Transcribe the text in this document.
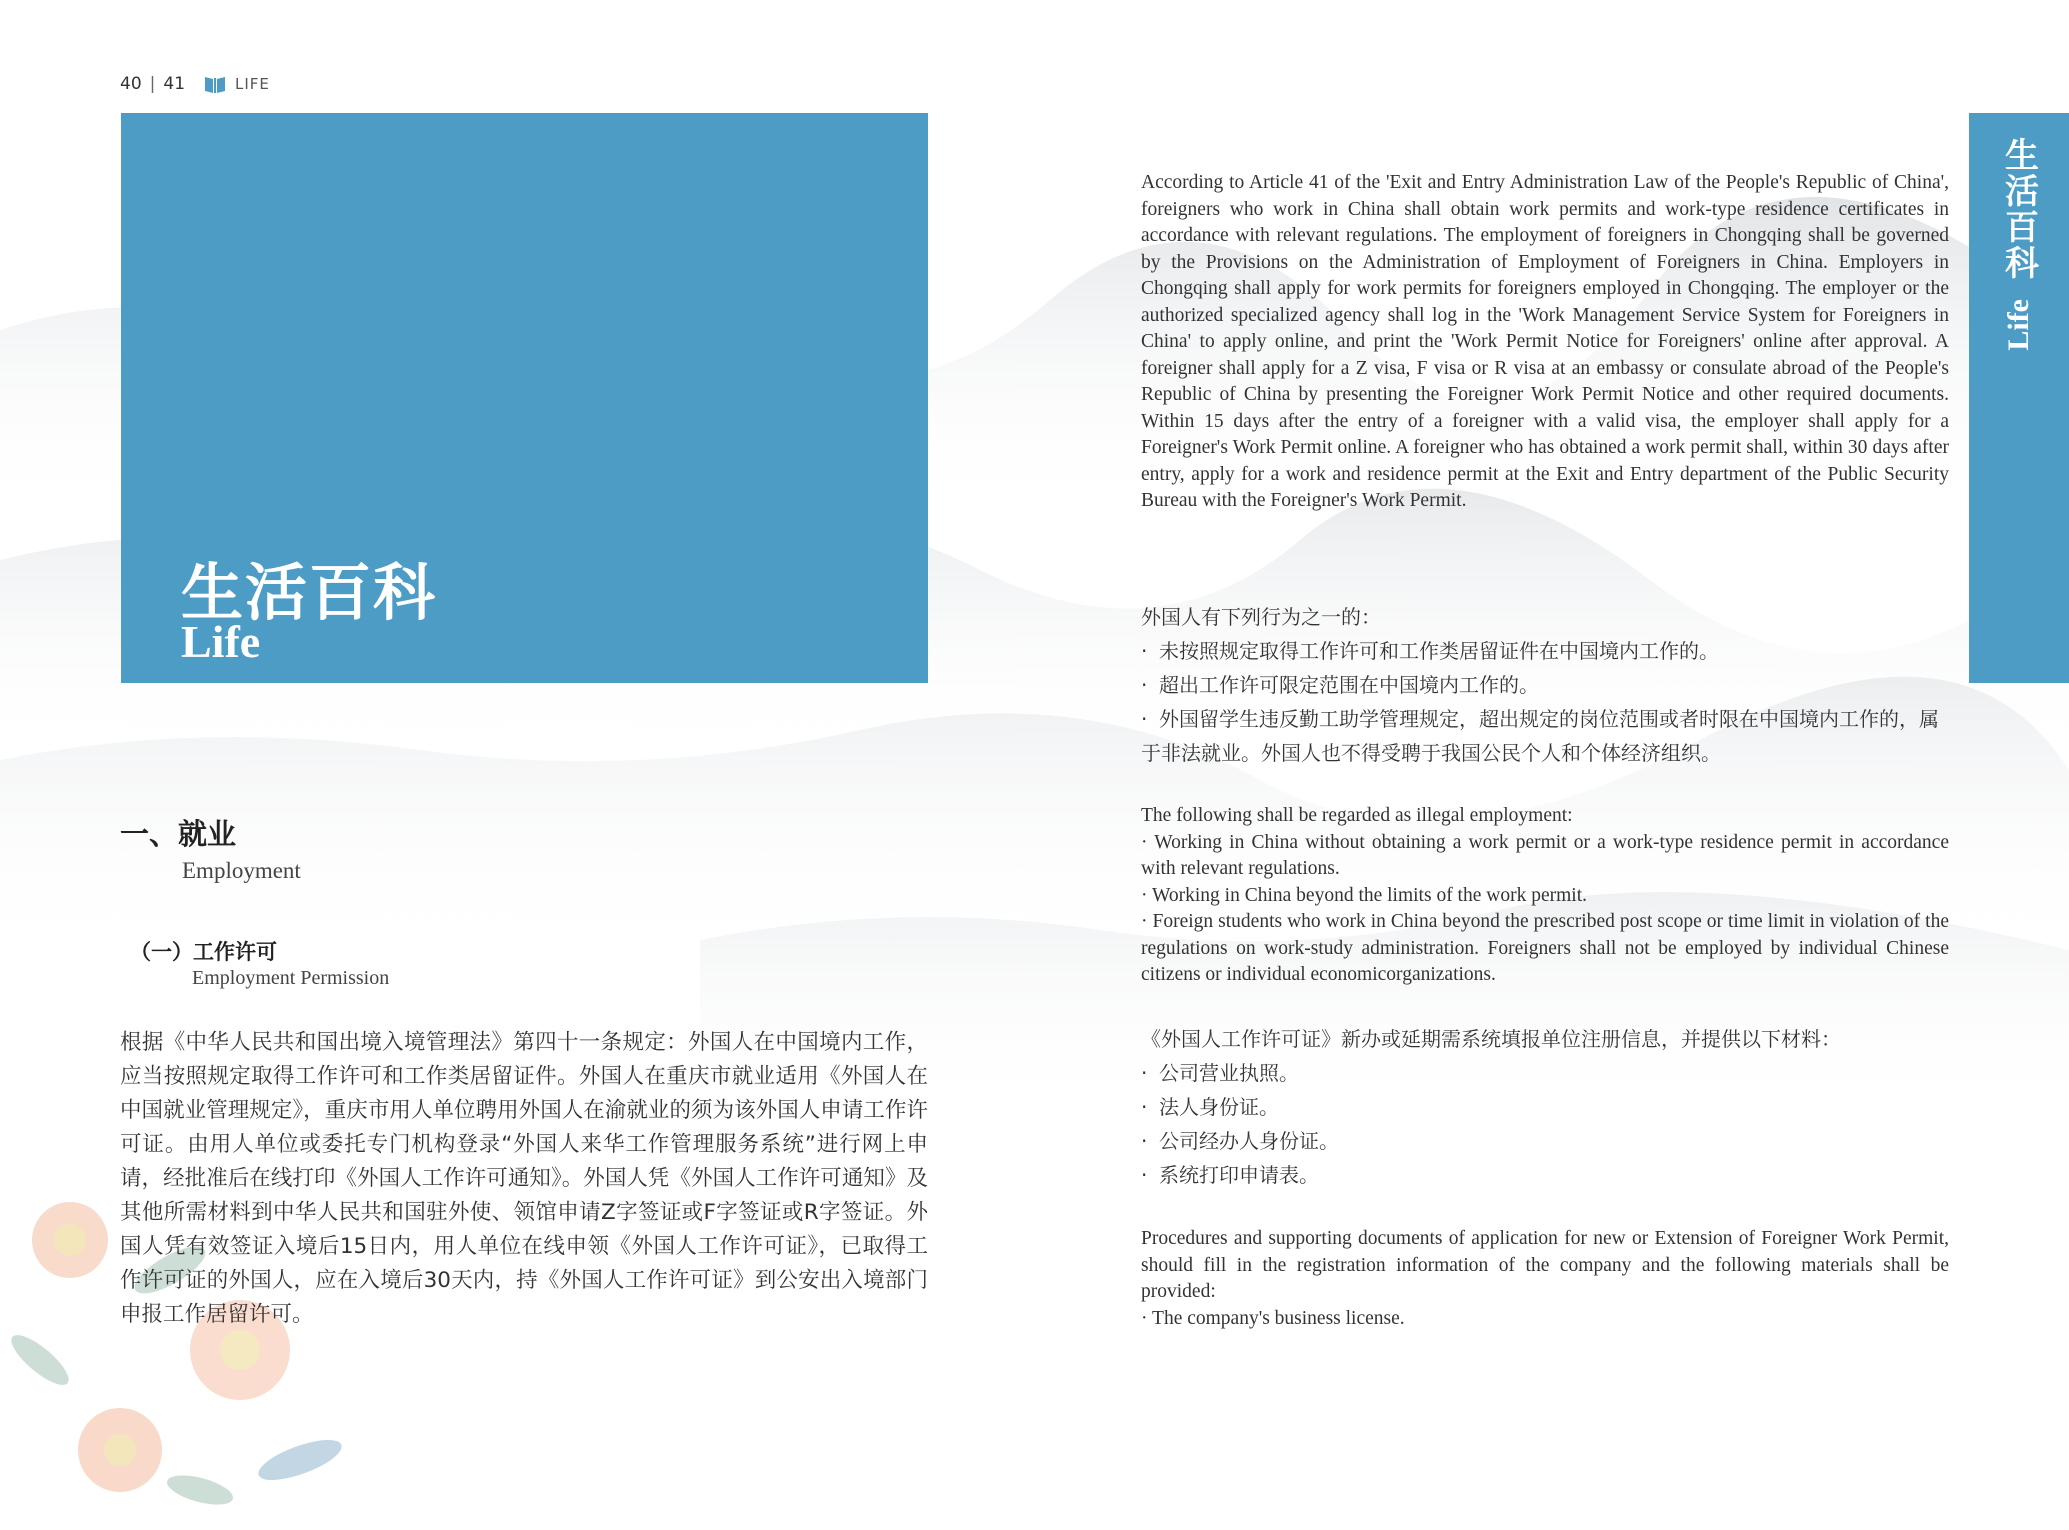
40 | 41	LIFE
生活百科
Life
生活百科
Life
一、就业
Employment
（一）工作许可
Employment Permission
根据《中华人民共和国出境入境管理法》第四十一条规定：外国人在中国境内工作，应当按照规定取得工作许可和工作类居留证件。外国人在重庆市就业适用《外国人在中国就业管理规定》，重庆市用人单位聘用外国人在渝就业的须为该外国人申请工作许可证。由用人单位或委托专门机构登录“外国人来华工作管理服务系统”进行网上申请，经批准后在线打印《外国人工作许可通知》。外国人凭《外国人工作许可通知》及其他所需材料到中华人民共和国驻外使、领馆申请Z字签证或F字签证或R字签证。外国人凭有效签证入境后15日内，用人单位在线申领《外国人工作许可证》，已取得工作许可证的外国人，应在入境后30天内，持《外国人工作许可证》到公安出入境部门申报工作居留许可。
According to Article 41 of the 'Exit and Entry Administration Law of the People's Republic of China', foreigners who work in China shall obtain work permits and work-type residence certificates in accordance with relevant regulations. The employment of foreigners in Chongqing shall be governed by the Provisions on the Administration of Employment of Foreigners in China. Employers in Chongqing shall apply for work permits for foreigners employed in Chongqing. The employer or the authorized specialized agency shall log in the 'Work Management Service System for Foreigners in China' to apply online, and print the 'Work Permit Notice for Foreigners' online after approval. A foreigner shall apply for a Z visa, F visa or R visa at an embassy or consulate abroad of the People's Republic of China by presenting the Foreigner Work Permit Notice and other required documents. Within 15 days after the entry of a foreigner with a valid visa, the employer shall apply for a Foreigner's Work Permit online. A foreigner who has obtained a work permit shall, within 30 days after entry, apply for a work and residence permit at the Exit and Entry department of the Public Security Bureau with the Foreigner's Work Permit.
外国人有下列行为之一的：
· 未按照规定取得工作许可和工作类居留证件在中国境内工作的。
· 超出工作许可限定范围在中国境内工作的。
· 外国留学生违反勤工助学管理规定，超出规定的岗位范围或者时限在中国境内工作的，属于非法就业。外国人也不得受聘于我国公民个人和个体经济组织。
The following shall be regarded as illegal employment:
· Working in China without obtaining a work permit or a work-type residence permit in accordance with relevant regulations.
· Working in China beyond the limits of the work permit.
· Foreign students who work in China beyond the prescribed post scope or time limit in violation of the regulations on work-study administration. Foreigners shall not be employed by individual Chinese citizens or individual economicorganizations.
《外国人工作许可证》新办或延期需系统填报单位注册信息，并提供以下材料：
· 公司营业执照。
· 法人身份证。
· 公司经办人身份证。
· 系统打印申请表。
Procedures and supporting documents of application for new or Extension of Foreigner Work Permit, should fill in the registration information of the company and the following materials shall be provided:
· The company's business license.
